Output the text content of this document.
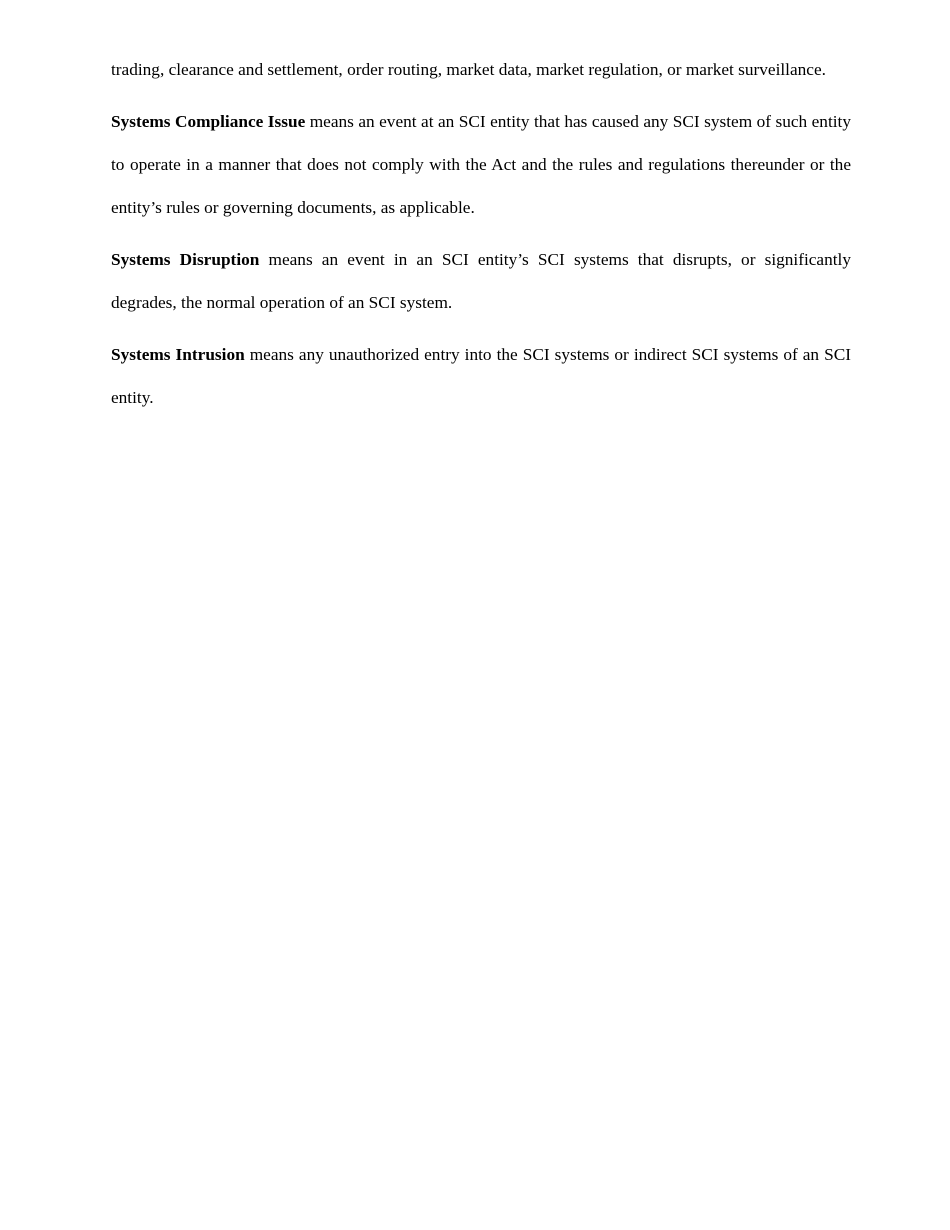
trading, clearance and settlement, order routing, market data, market regulation, or market surveillance.

Systems Compliance Issue means an event at an SCI entity that has caused any SCI system of such entity to operate in a manner that does not comply with the Act and the rules and regulations thereunder or the entity’s rules or governing documents, as applicable.

Systems Disruption means an event in an SCI entity’s SCI systems that disrupts, or significantly degrades, the normal operation of an SCI system.

Systems Intrusion means any unauthorized entry into the SCI systems or indirect SCI systems of an SCI entity.
